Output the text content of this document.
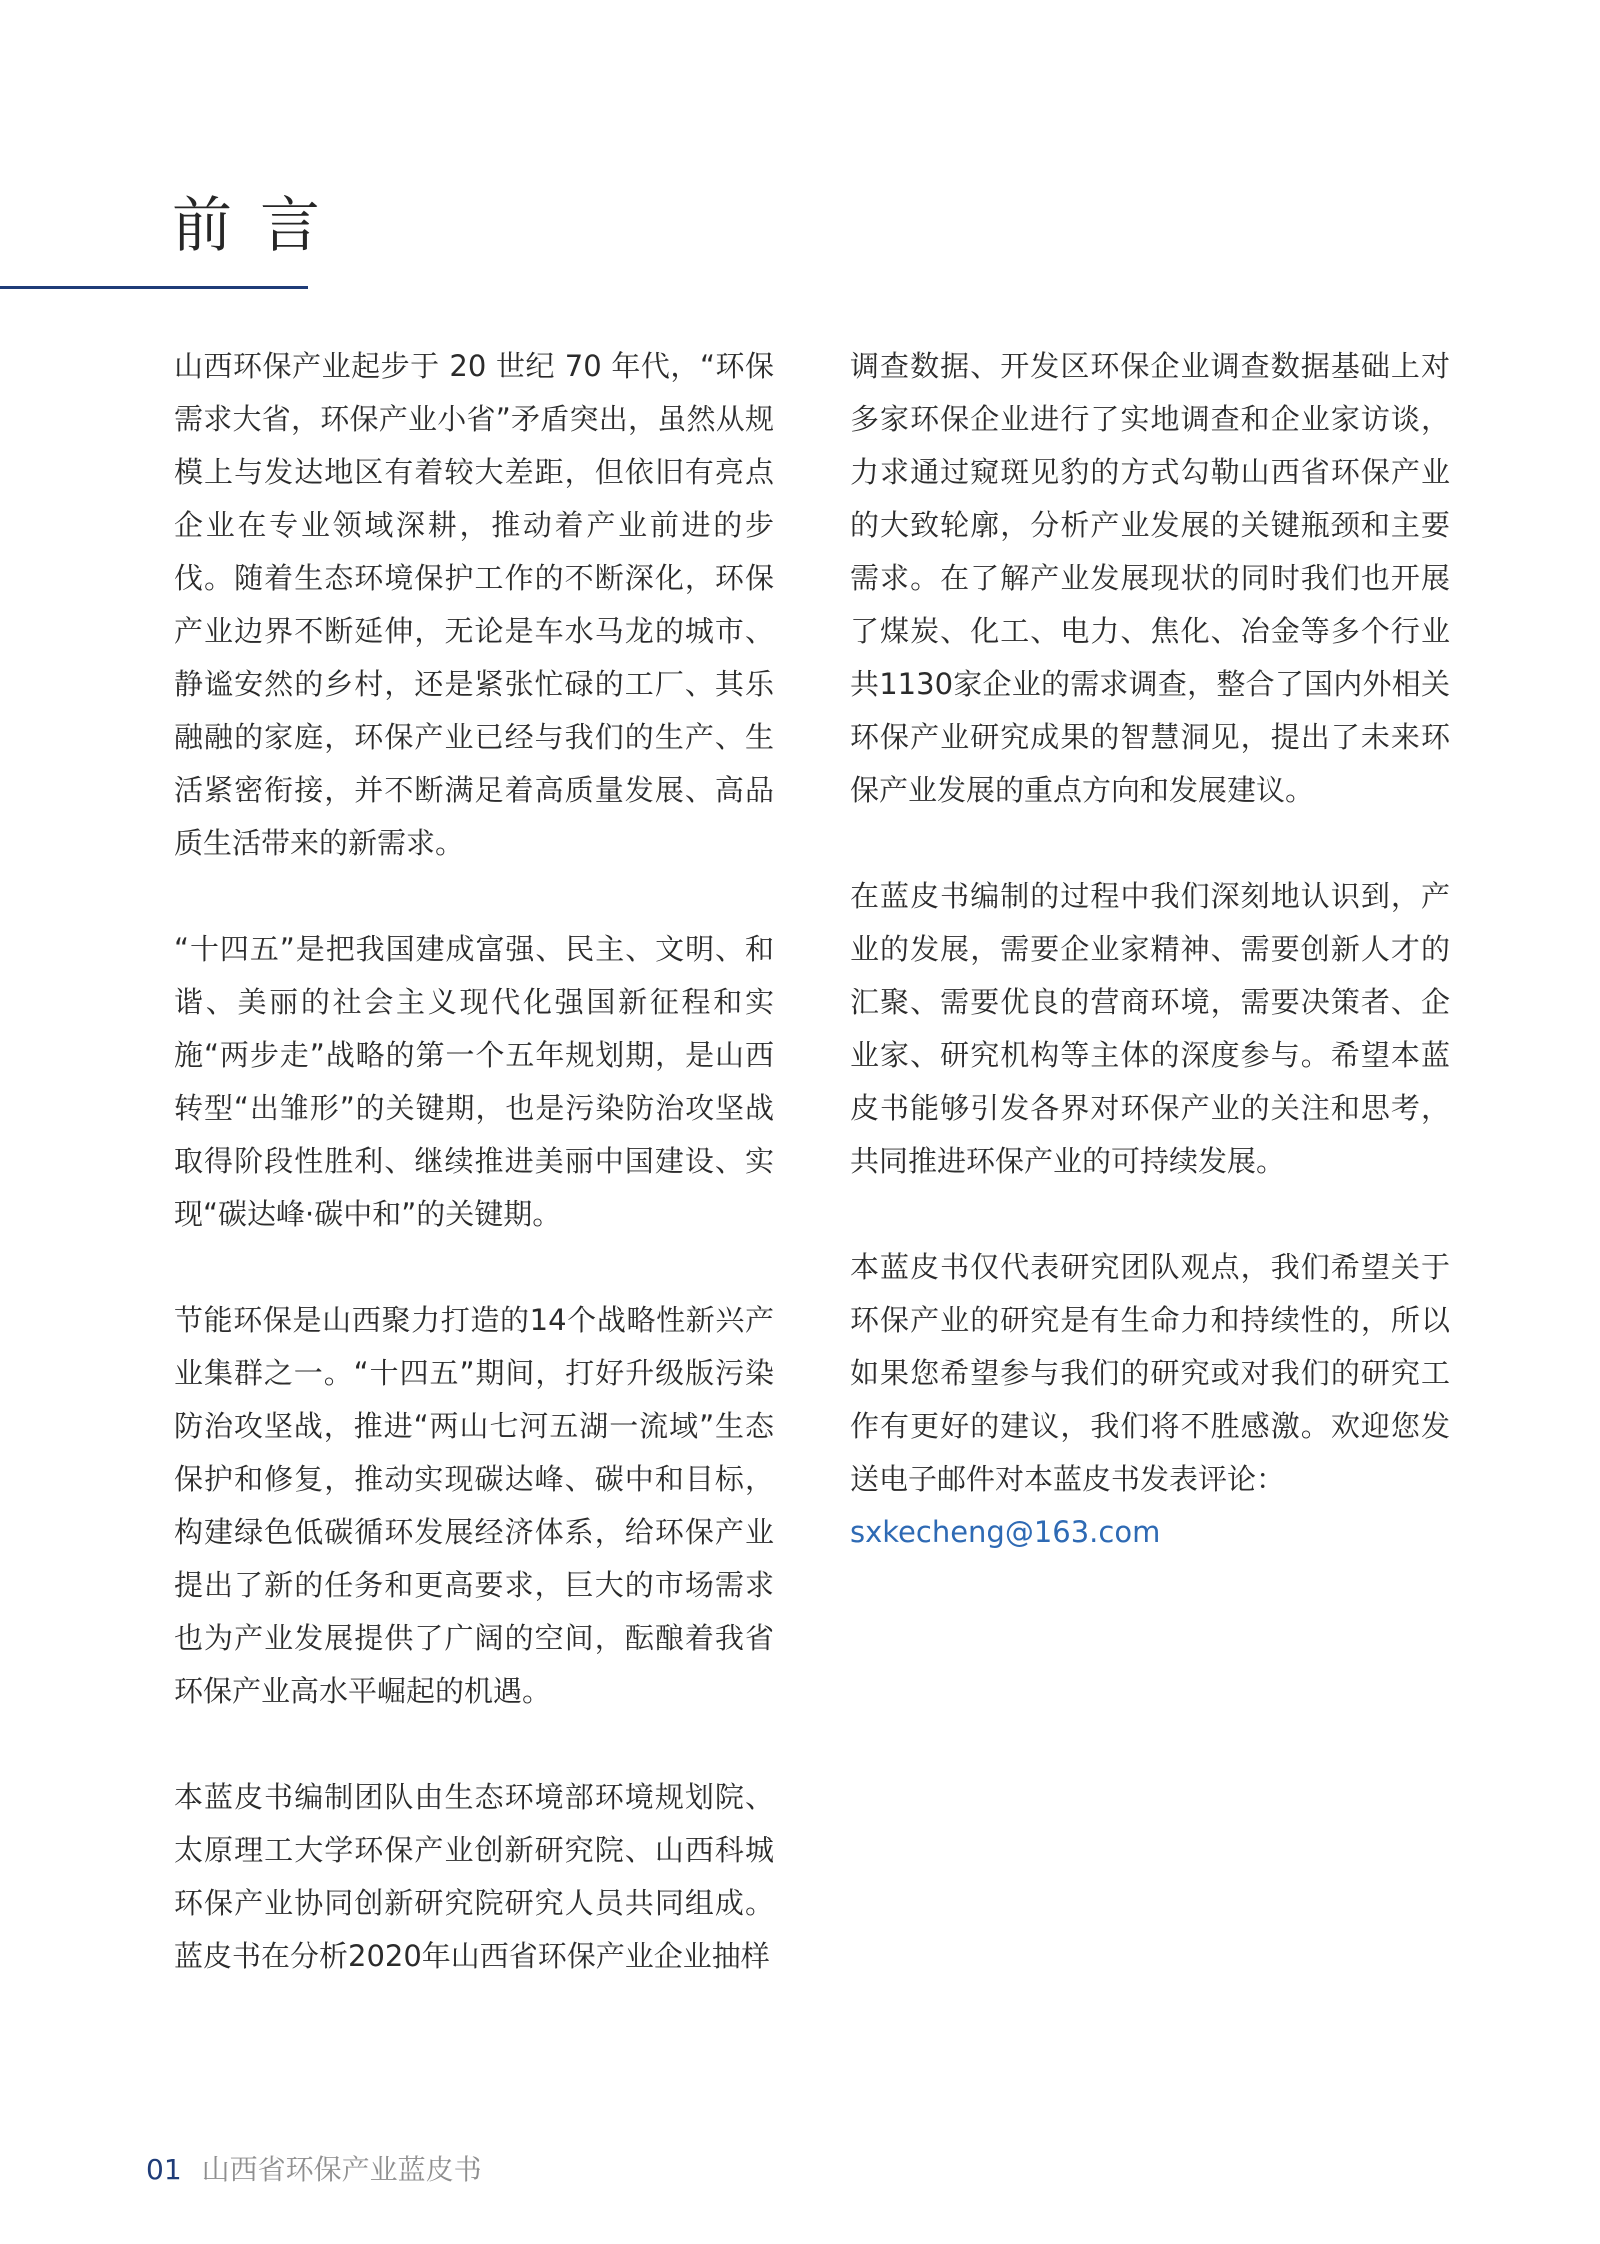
前言

山西环保产业起步于 20 世纪 70 年代，“环保需求大省，环保产业小省”矛盾突出，虽然从规模上与发达地区有着较大差距，但依旧有亮点企业在专业领域深耕，推动着产业前进的步伐。随着生态环境保护工作的不断深化，环保产业边界不断延伸，无论是车水马龙的城市、静谧安然的乡村，还是紧张忙碌的工厂、其乐融融的家庭，环保产业已经与我们的生产、生活紧密衔接，并不断满足着高质量发展、高品质生活带来的新需求。

“十四五”是把我国建成富强、民主、文明、和谐、美丽的社会主义现代化强国新征程和实施“两步走”战略的第一个五年规划期，是山西转型“出雏形”的关键期，也是污染防治攻坚战取得阶段性胜利、继续推进美丽中国建设、实现“碳达峰·碳中和”的关键期。

节能环保是山西聚力打造的14个战略性新兴产业集群之一。“十四五”期间，打好升级版污染防治攻坚战，推进“两山七河五湖一流域”生态保护和修复，推动实现碳达峰、碳中和目标，构建绿色低碳循环发展经济体系，给环保产业提出了新的任务和更高要求，巨大的市场需求也为产业发展提供了广阔的空间，酝酿着我省环保产业高水平崛起的机遇。

本蓝皮书编制团队由生态环境部环境规划院、太原理工大学环保产业创新研究院、山西科城环保产业协同创新研究院研究人员共同组成。蓝皮书在分析2020年山西省环保产业企业抽样

调查数据、开发区环保企业调查数据基础上对多家环保企业进行了实地调查和企业家访谈，力求通过窥斑见豹的方式勾勒山西省环保产业的大致轮廓，分析产业发展的关键瓶颈和主要需求。在了解产业发展现状的同时我们也开展了煤炭、化工、电力、焦化、冶金等多个行业共1130家企业的需求调查，整合了国内外相关环保产业研究成果的智慧洞见，提出了未来环保产业发展的重点方向和发展建议。

在蓝皮书编制的过程中我们深刻地认识到，产业的发展，需要企业家精神、需要创新人才的汇聚、需要优良的营商环境，需要决策者、企业家、研究机构等主体的深度参与。希望本蓝皮书能够引发各界对环保产业的关注和思考，共同推进环保产业的可持续发展。

本蓝皮书仅代表研究团队观点，我们希望关于环保产业的研究是有生命力和持续性的，所以如果您希望参与我们的研究或对我们的研究工作有更好的建议，我们将不胜感激。欢迎您发送电子邮件对本蓝皮书发表评论：

sxkecheng@163.com
01 山西省环保产业蓝皮书
